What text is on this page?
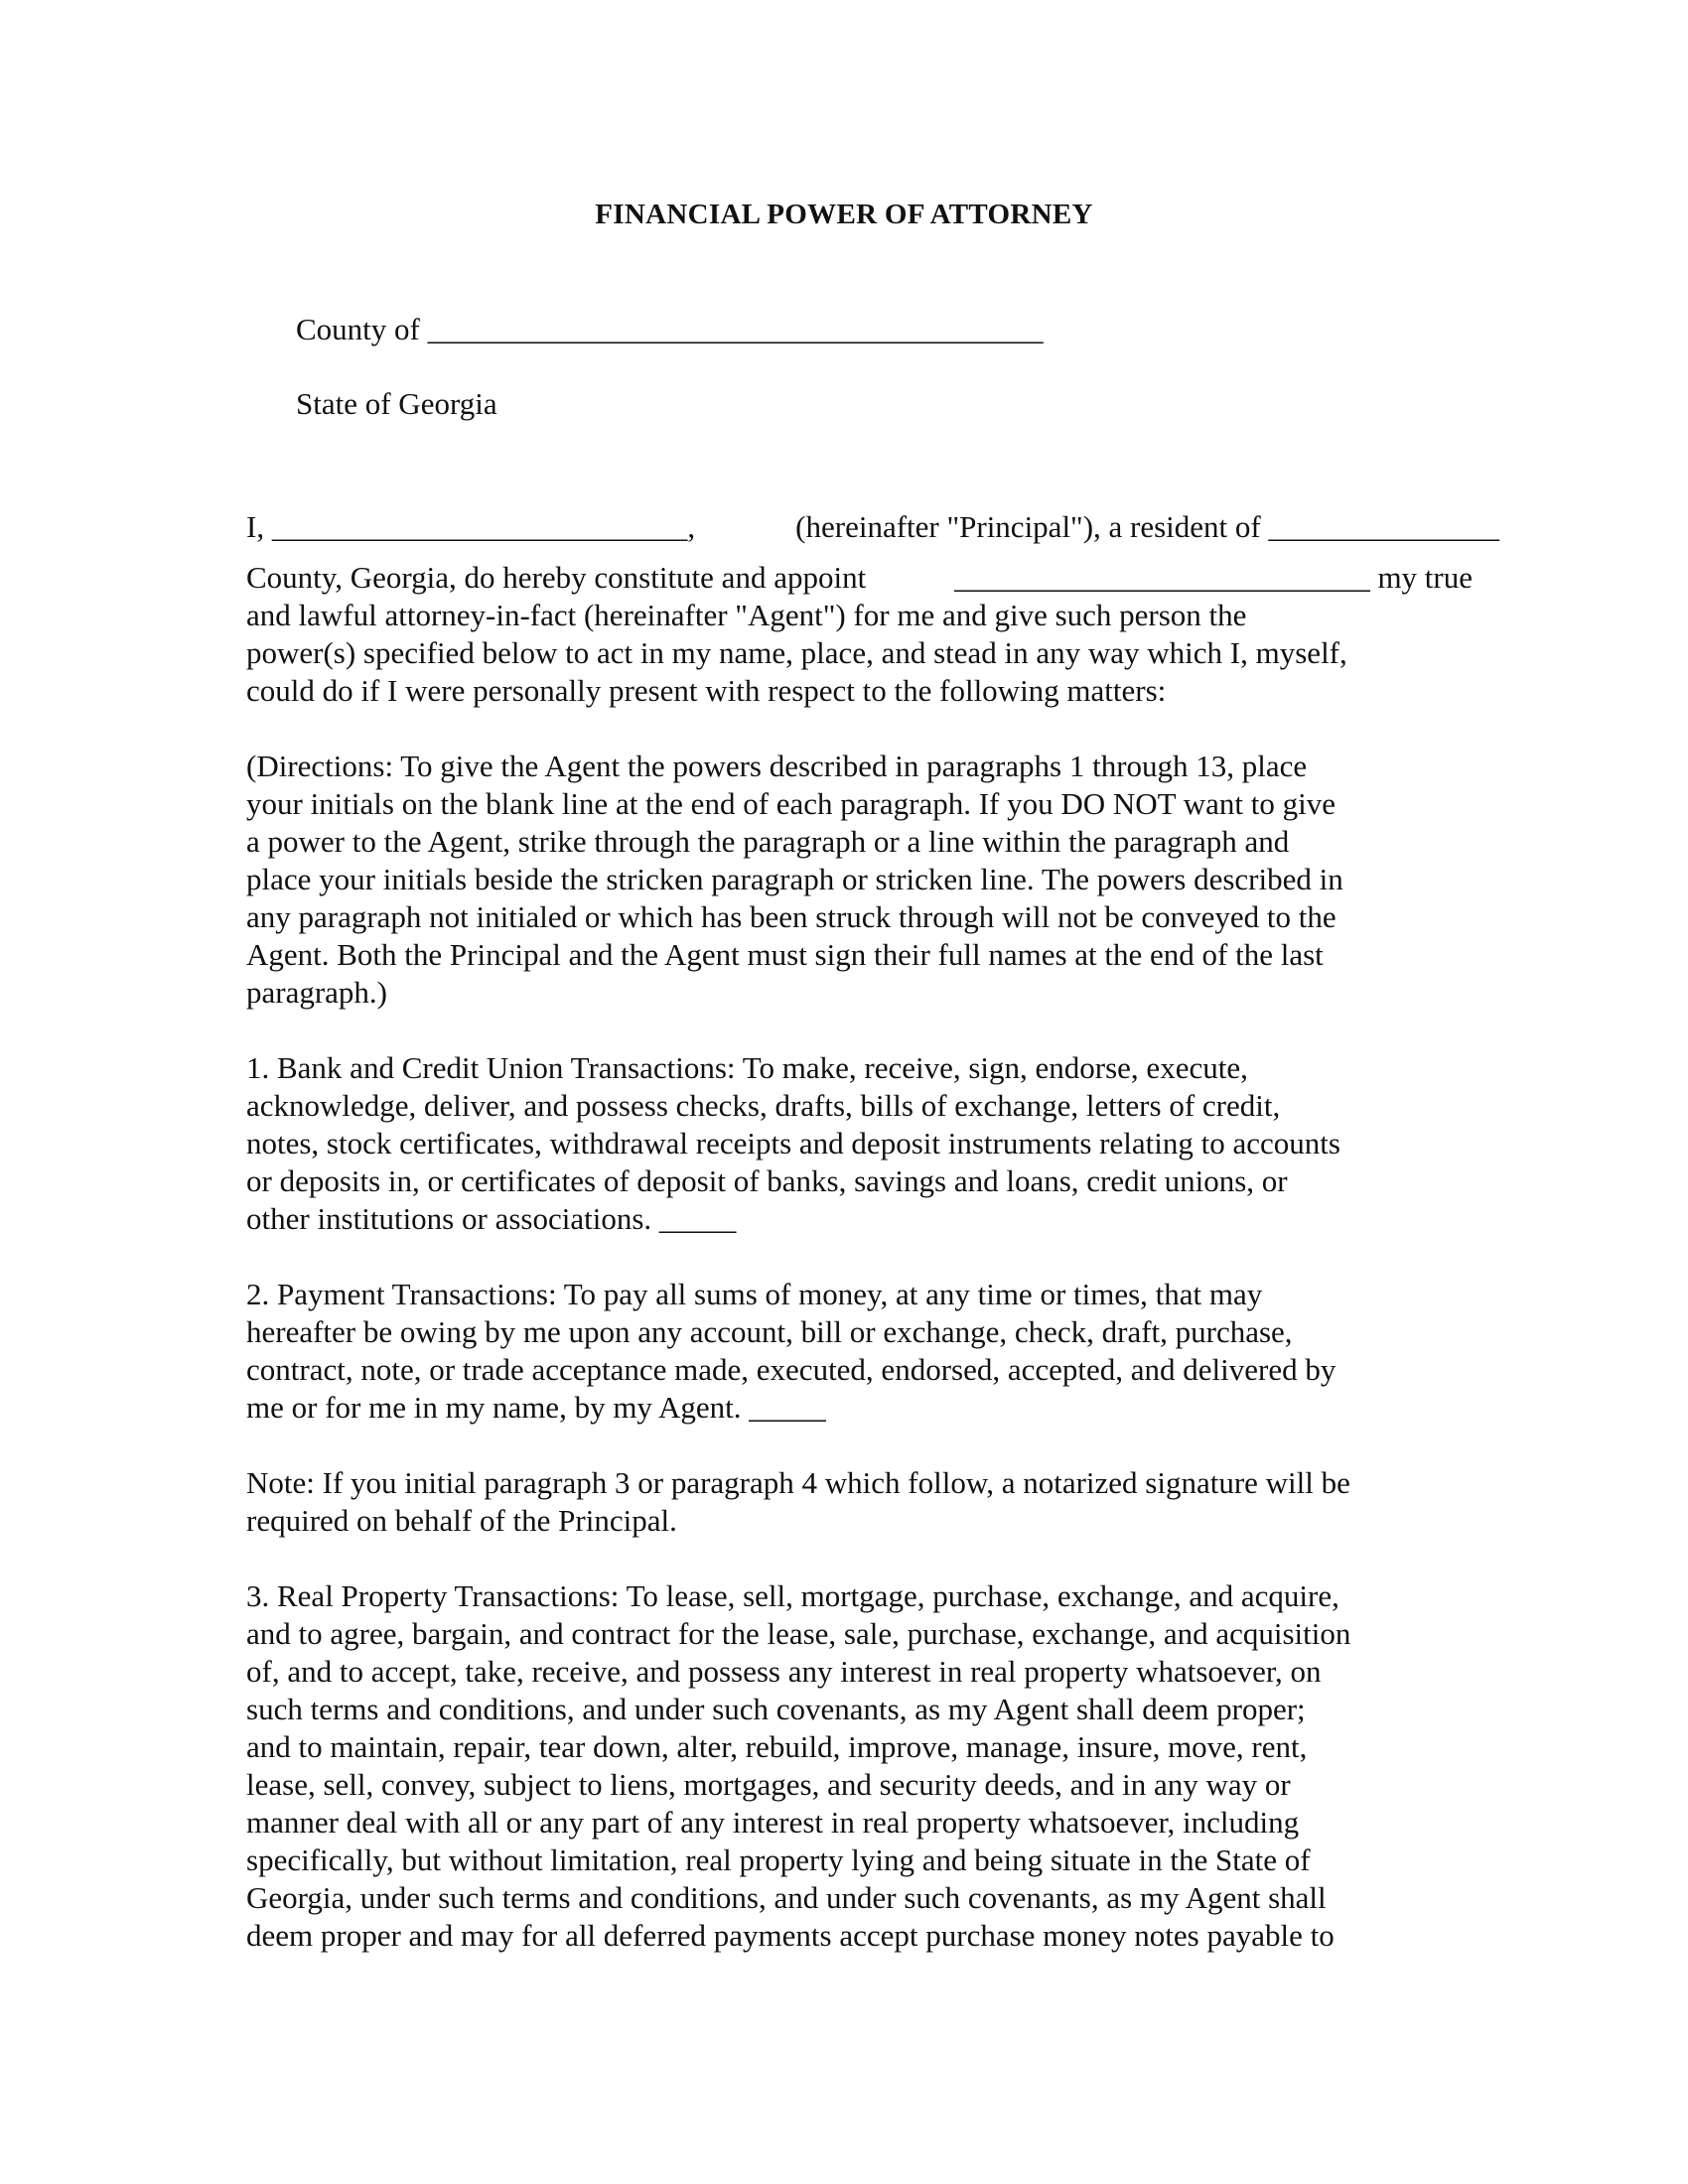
FINANCIAL POWER OF ATTORNEY
County of ________________________________________
State of Georgia
I, ___________________________,	(hereinafter "Principal"), a resident of _______________
County, Georgia, do hereby constitute and appoint	___________________________ my true
and lawful attorney-in-fact (hereinafter "Agent") for me and give such person the
power(s) specified below to act in my name, place, and stead in any way which I, myself,
could do if I were personally present with respect to the following matters:
(Directions: To give the Agent the powers described in paragraphs 1 through 13, place
your initials on the blank line at the end of each paragraph. If you DO NOT want to give
a power to the Agent, strike through the paragraph or a line within the paragraph and
place your initials beside the stricken paragraph or stricken line. The powers described in
any paragraph not initialed or which has been struck through will not be conveyed to the
Agent. Both the Principal and the Agent must sign their full names at the end of the last
paragraph.)
1. Bank and Credit Union Transactions: To make, receive, sign, endorse, execute,
acknowledge, deliver, and possess checks, drafts, bills of exchange, letters of credit,
notes, stock certificates, withdrawal receipts and deposit instruments relating to accounts
or deposits in, or certificates of deposit of banks, savings and loans, credit unions, or
other institutions or associations. _____
2. Payment Transactions: To pay all sums of money, at any time or times, that may
hereafter be owing by me upon any account, bill or exchange, check, draft, purchase,
contract, note, or trade acceptance made, executed, endorsed, accepted, and delivered by
me or for me in my name, by my Agent. _____
Note: If you initial paragraph 3 or paragraph 4 which follow, a notarized signature will be
required on behalf of the Principal.
3. Real Property Transactions: To lease, sell, mortgage, purchase, exchange, and acquire,
and to agree, bargain, and contract for the lease, sale, purchase, exchange, and acquisition
of, and to accept, take, receive, and possess any interest in real property whatsoever, on
such terms and conditions, and under such covenants, as my Agent shall deem proper;
and to maintain, repair, tear down, alter, rebuild, improve, manage, insure, move, rent,
lease, sell, convey, subject to liens, mortgages, and security deeds, and in any way or
manner deal with all or any part of any interest in real property whatsoever, including
specifically, but without limitation, real property lying and being situate in the State of
Georgia, under such terms and conditions, and under such covenants, as my Agent shall
deem proper and may for all deferred payments accept purchase money notes payable to
